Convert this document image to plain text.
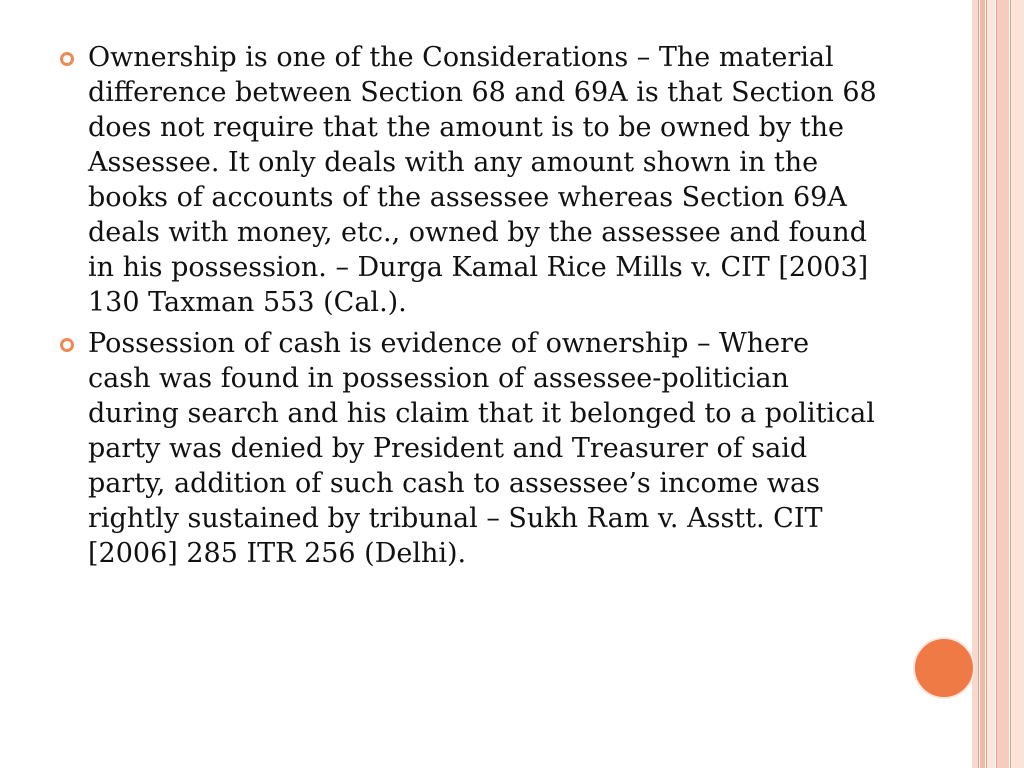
Ownership is one of the Considerations – The material difference between Section 68 and 69A is that Section 68 does not require that the amount is to be owned by the Assessee. It only deals with any amount shown in the books of accounts of the assessee whereas Section 69A deals with money, etc., owned by the assessee and found in his possession. – Durga Kamal Rice Mills v. CIT [2003] 130 Taxman 553 (Cal.).
Possession of cash is evidence of ownership – Where cash was found in possession of assessee-politician during search and his claim that it belonged to a political party was denied by President and Treasurer of said party, addition of such cash to assessee’s income was rightly sustained by tribunal – Sukh Ram v. Asstt. CIT [2006] 285 ITR 256 (Delhi).
